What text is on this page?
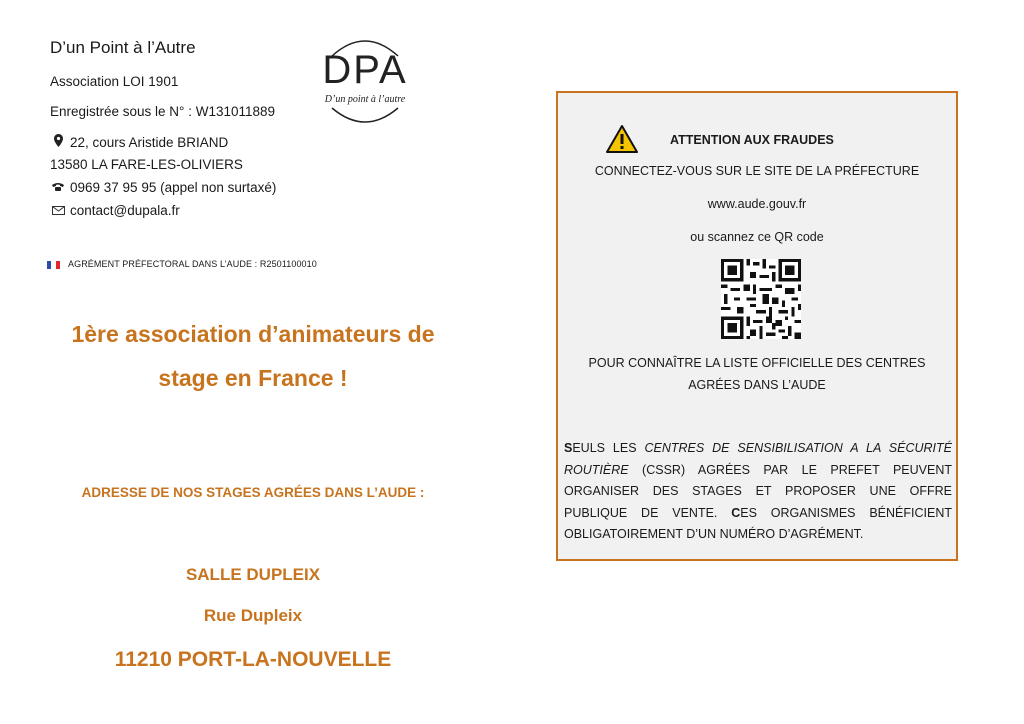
D’un Point à l’Autre
Association LOI 1901
Enregistrée sous le N° : W131011889
22, cours Aristide BRIAND
13580 LA FARE-LES-OLIVIERS
0969 37 95 95 (appel non surtaxé)
contact@dupala.fr
AGRÉMENT PRÉFECTORAL DANS L’AUDE : R2501100010
DPA
D’un point à l’autre
1ère association d’animateurs de
stage en France !
ADRESSE DE NOS STAGES AGRÉES DANS L’AUDE :
SALLE DUPLEIX
Rue Dupleix
11210 PORT-LA-NOUVELLE
ATTENTION AUX FRAUDES
CONNECTEZ-VOUS SUR LE SITE DE LA PRÉFECTURE
www.aude.gouv.fr
ou scannez ce QR code
POUR CONNAÎTRE LA LISTE OFFICIELLE DES CENTRES
AGRÉES DANS L’AUDE
SEULS LES CENTRES DE SENSIBILISATION A LA SÉCURITÉ ROUTIÈRE (CSSR) AGRÉES PAR LE PREFET PEUVENT ORGANISER DES STAGES ET PROPOSER UNE OFFRE PUBLIQUE DE VENTE. CES ORGANISMES BÉNÉFICIENT OBLIGATOIREMENT D’UN NUMÉRO D’AGRÉMENT.
